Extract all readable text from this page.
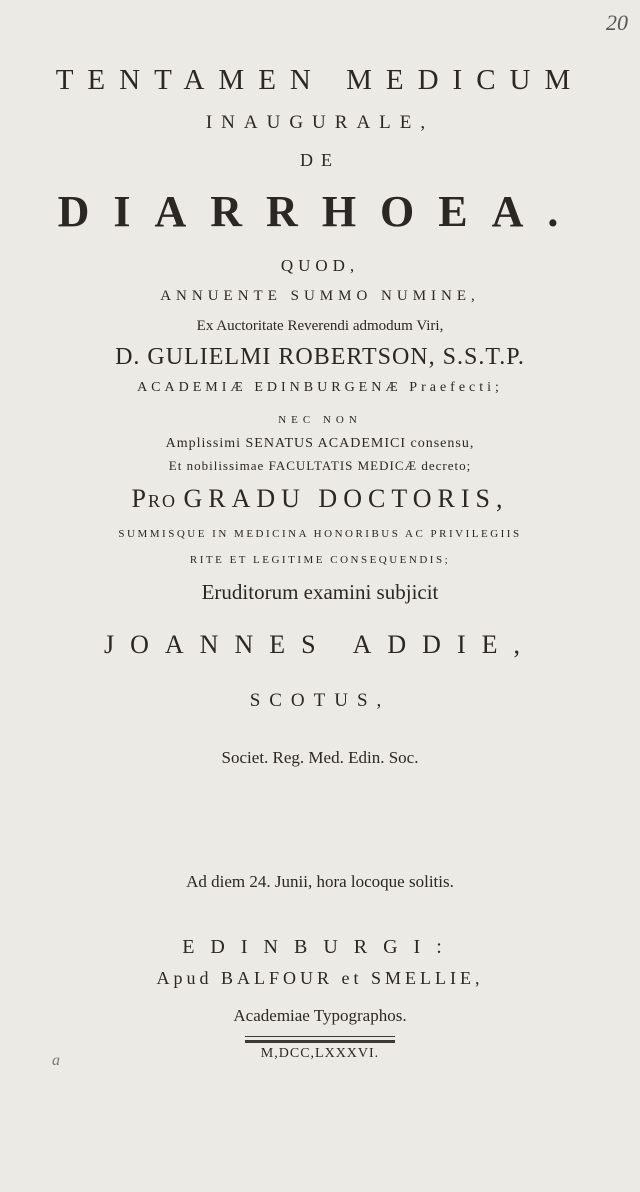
20
TENTAMEN MEDICUM
INAUGURALE,
DE
DIARRHOEA.
QUOD,
ANNUENTE SUMMO NUMINE,
Ex Auctoritate Reverendi admodum Viri,
D. GULIELMI ROBERTSON, S.S.T.P.
ACADEMIÆ EDINBURGENÆ Praefecti;
NEC NON
Amplissimi SENATUS ACADEMICI consensu,
Et nobilissimae FACULTATIS MEDICÆ decreto;
Pro GRADU DOCTORIS,
SUMMISQUE IN MEDICINA HONORIBUS AC PRIVILEGIIS
RITE ET LEGITIME CONSEQUENDIS;
Eruditorum examini subjicit
JOANNES ADDIE,
SCOTUS,
Societ. Reg. Med. Edin. Soc.
Ad diem 24. Junii, hora locoque solitis.
EDINBURGI:
Apud BALFOUR et SMELLIE,
Academiae Typographos.
M,DCC,LXXXVI.
a
